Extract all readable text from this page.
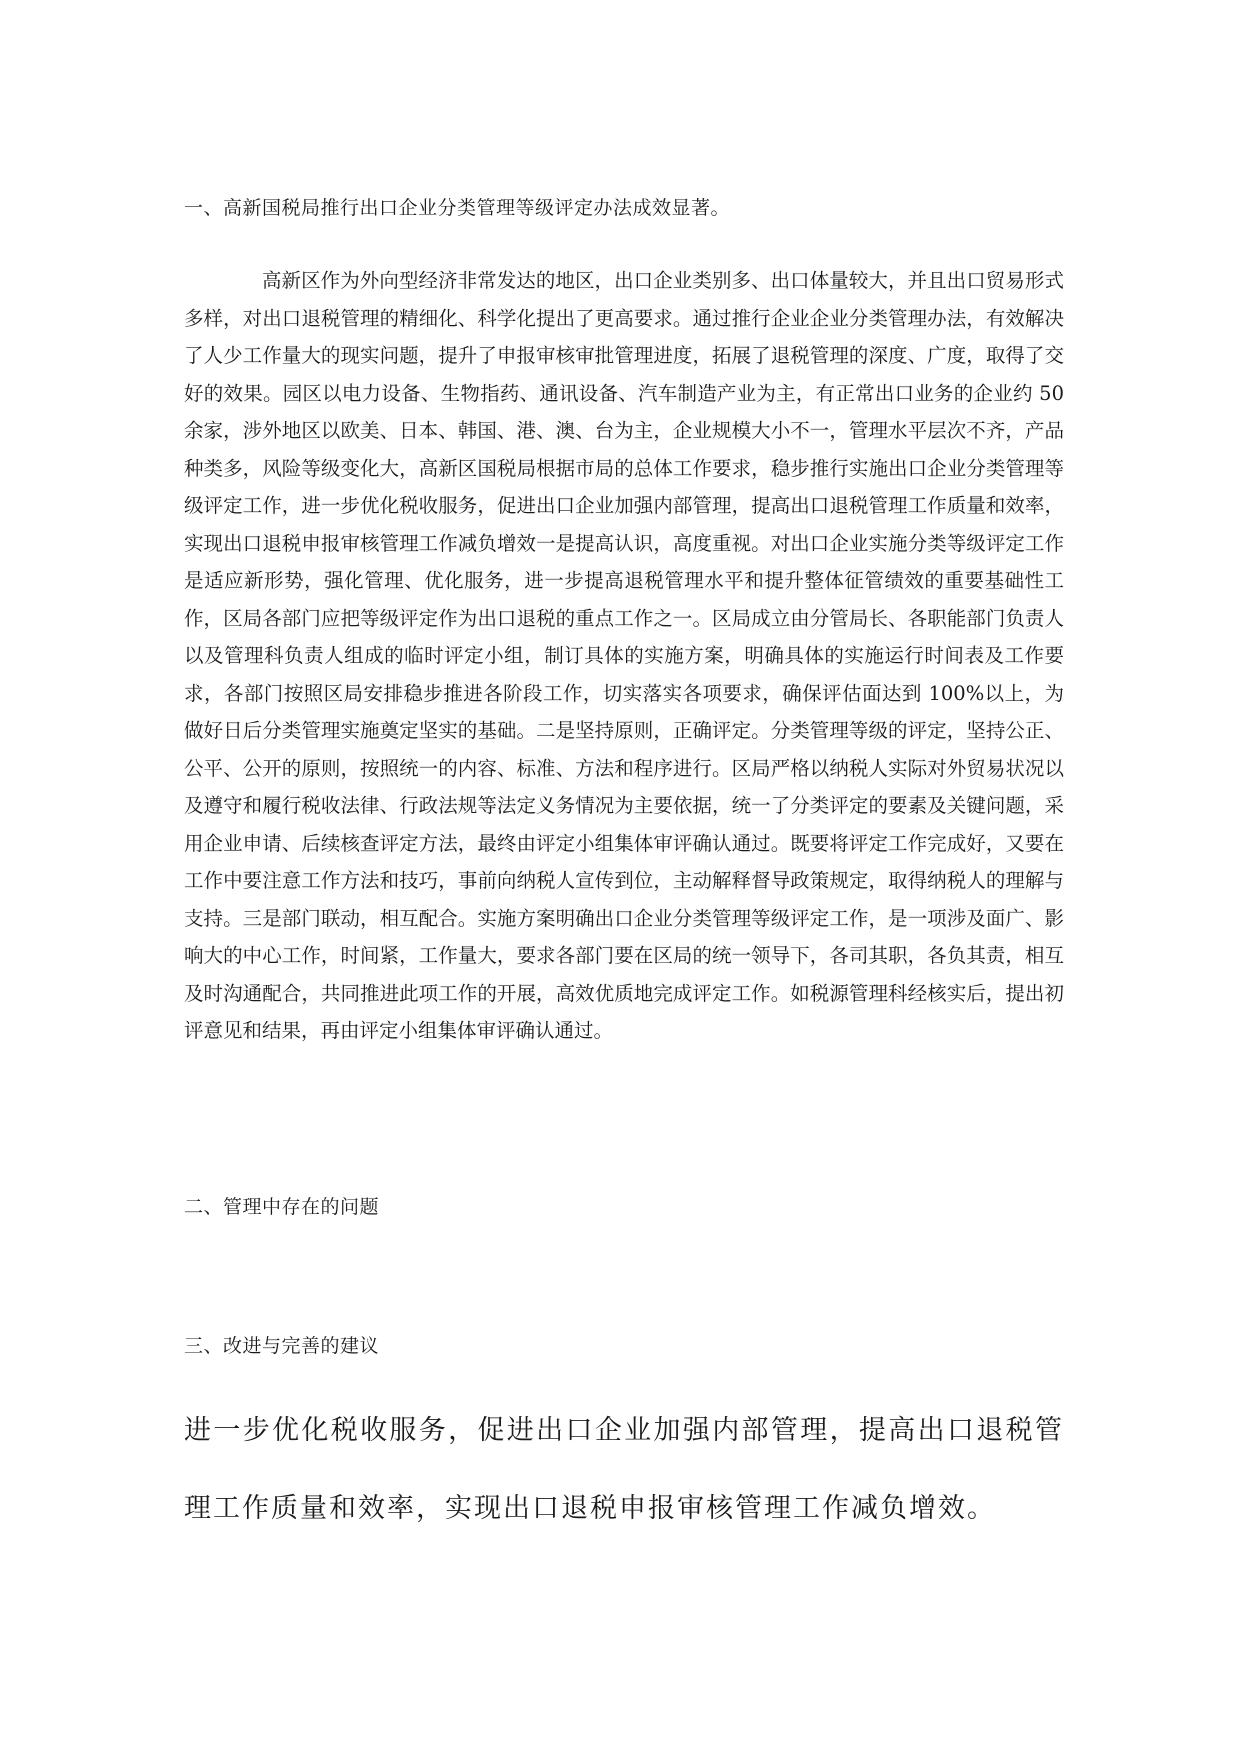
一、高新国税局推行出口企业分类管理等级评定办法成效显著。

高新区作为外向型经济非常发达的地区，出口企业类别多、出口体量较大，并且出口贸易形式多样，对出口退税管理的精细化、科学化提出了更高要求。通过推行企业企业分类管理办法，有效解决了人少工作量大的现实问题，提升了申报审核审批管理进度，拓展了退税管理的深度、广度，取得了交好的效果。园区以电力设备、生物指药、通讯设备、汽车制造产业为主，有正常出口业务的企业约 50 余家，涉外地区以欧美、日本、韩国、港、澳、台为主，企业规模大小不一，管理水平层次不齐，产品种类多，风险等级变化大，高新区国税局根据市局的总体工作要求，稳步推行实施出口企业分类管理等级评定工作，进一步优化税收服务，促进出口企业加强内部管理，提高出口退税管理工作质量和效率，实现出口退税申报审核管理工作减负增效一是提高认识，高度重视。对出口企业实施分类等级评定工作是适应新形势，强化管理、优化服务，进一步提高退税管理水平和提升整体征管绩效的重要基础性工作，区局各部门应把等级评定作为出口退税的重点工作之一。区局成立由分管局长、各职能部门负责人以及管理科负责人组成的临时评定小组，制订具体的实施方案，明确具体的实施运行时间表及工作要求，各部门按照区局安排稳步推进各阶段工作，切实落实各项要求，确保评估面达到 100%以上，为做好日后分类管理实施奠定坚实的基础。二是坚持原则，正确评定。分类管理等级的评定，坚持公正、公平、公开的原则，按照统一的内容、标准、方法和程序进行。区局严格以纳税人实际对外贸易状况以及遵守和履行税收法律、行政法规等法定义务情况为主要依据，统一了分类评定的要素及关键问题，采用企业申请、后续核查评定方法，最终由评定小组集体审评确认通过。既要将评定工作完成好，又要在工作中要注意工作方法和技巧，事前向纳税人宣传到位，主动解释督导政策规定，取得纳税人的理解与支持。三是部门联动，相互配合。实施方案明确出口企业分类管理等级评定工作，是一项涉及面广、影响大的中心工作，时间紧，工作量大，要求各部门要在区局的统一领导下，各司其职，各负其责，相互及时沟通配合，共同推进此项工作的开展，高效优质地完成评定工作。如税源管理科经核实后，提出初评意见和结果，再由评定小组集体审评确认通过。

二、管理中存在的问题
三、改进与完善的建议

进一步优化税收服务，促进出口企业加强内部管理，提高出口退税管理工作质量和效率，实现出口退税申报审核管理工作减负增效。
